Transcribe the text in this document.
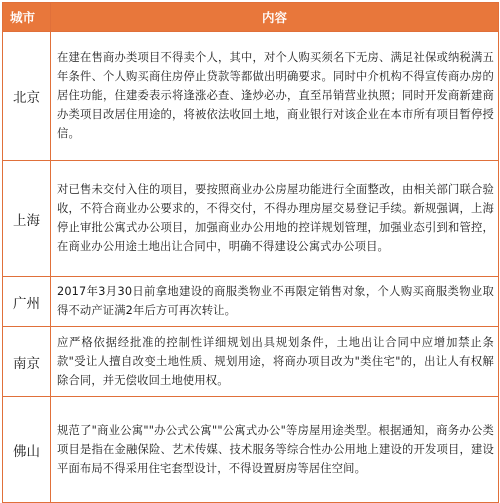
城市	内容
北京	在建在售商办类项目不得卖个人，其中，对个人购买须名下无房、满足社保或纳税满五年条件、个人购买商住房停止贷款等都做出明确要求。同时中介机构不得宣传商办房的居住功能，住建委表示将逢涨必查、逢炒必办，直至吊销营业执照；同时开发商新建商办类项目改居住用途的，将被依法收回土地，商业银行对该企业在本市所有项目暂停授信。
上海	对已售未交付入住的项目，要按照商业办公房屋功能进行全面整改，由相关部门联合验收，不符合商业办公要求的，不得交付，不得办理房屋交易登记手续。新规强调，上海停止审批公寓式办公项目，加强商业办公用地的控详规划管理，加强业态引到和管控，在商业办公用途土地出让合同中，明确不得建设公寓式办公项目。
广州	2017年3月30日前拿地建设的商服类物业不再限定销售对象，个人购买商服类物业取得不动产证满2年后方可再次转让。
南京	应严格依据经批准的控制性详细规划出具规划条件，土地出让合同中应增加禁止条款"受让人擅自改变土地性质、规划用途，将商办项目改为"类住宅"的，出让人有权解除合同，并无偿收回土地使用权。
佛山	规范了"商业公寓""办公式公寓""公寓式办公"等房屋用途类型。根据通知，商务办公类项目是指在金融保险、艺术传媒、技术服务等综合性办公用地上建设的开发项目，建设平面布局不得采用住宅套型设计，不得设置厨房等居住空间。
